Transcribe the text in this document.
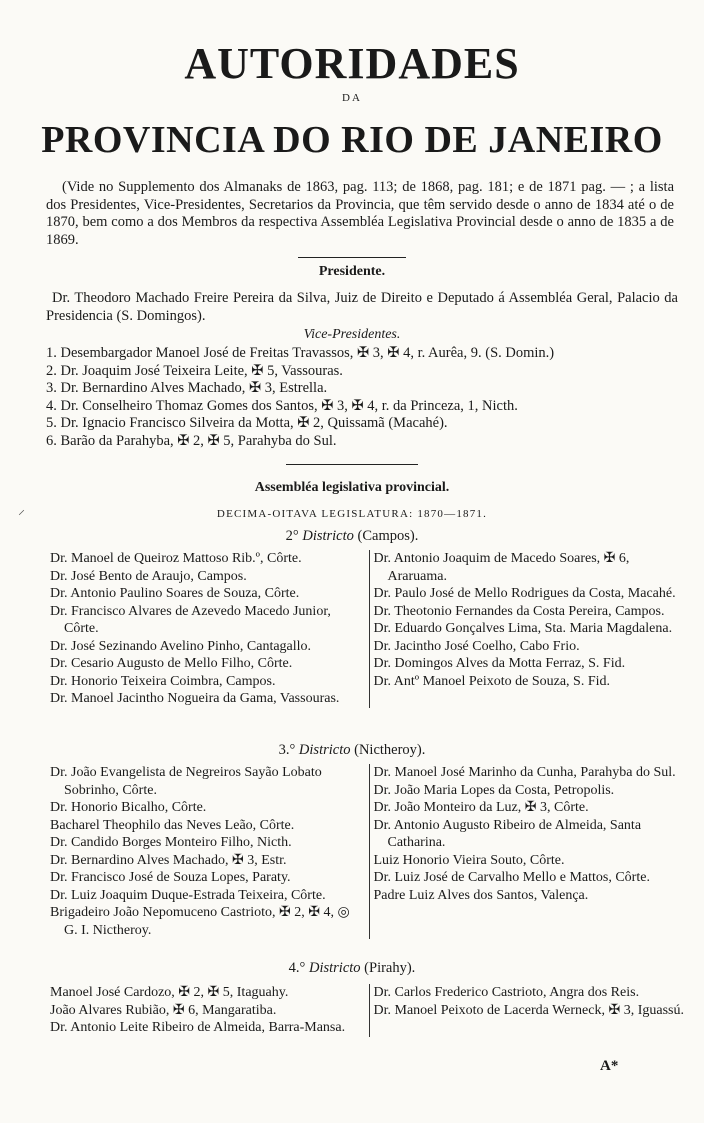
AUTORIDADES
DA
PROVINCIA DO RIO DE JANEIRO

(Vide no Supplemento dos Almanaks de 1863, pag. 113; de 1868, pag. 181; e de 1871 pag. — ; a lista dos Presidentes, Vice-Presidentes, Secretarios da Provincia, que têm servido desde o anno de 1834 até o de 1870, bem como a dos Membros da respectiva Assembléa Legislativa Provincial desde o anno de 1835 a de 1869.

Presidente.

Dr. Theodoro Machado Freire Pereira da Silva, Juiz de Direito e Deputado á Assembléa Geral, Palacio da Presidencia (S. Domingos).

Vice-Presidentes.
1. Desembargador Manoel José de Freitas Travassos, ✠ 3, ✠ 4, r. Aurêa, 9. (S. Domin.)
2. Dr. Joaquim José Teixeira Leite, ✠ 5, Vassouras.
3. Dr. Bernardino Alves Machado, ✠ 3, Estrella.
4. Dr. Conselheiro Thomaz Gomes dos Santos, ✠ 3, ✠ 4, r. da Princeza, 1, Nicth.
5. Dr. Ignacio Francisco Silveira da Motta, ✠ 2, Quissamã (Macahé).
6. Barão da Parahyba, ✠ 2, ✠ 5, Parahyba do Sul.
Assembléa legislativa provincial.
DECIMA-OITAVA LEGISLATURA: 1870—1871.
⸝
2° Districto (Campos).
Dr. Manoel de Queiroz Mattoso Rib.º, Côrte.
Dr. José Bento de Araujo, Campos.
Dr. Antonio Paulino Soares de Souza, Côrte.
Dr. Francisco Alvares de Azevedo Macedo Junior, Côrte.
Dr. José Sezinando Avelino Pinho, Cantagallo.
Dr. Cesario Augusto de Mello Filho, Côrte.
Dr. Honorio Teixeira Coimbra, Campos.
Dr. Manoel Jacintho Nogueira da Gama, Vassouras.
Dr. Antonio Joaquim de Macedo Soares, ✠ 6, Araruama.
Dr. Paulo José de Mello Rodrigues da Costa, Macahé.
Dr. Theotonio Fernandes da Costa Pereira, Campos.
Dr. Eduardo Gonçalves Lima, Sta. Maria Magdalena.
Dr. Jacintho José Coelho, Cabo Frio.
Dr. Domingos Alves da Motta Ferraz, S. Fid.
Dr. Antº Manoel Peixoto de Souza, S. Fid.
3.° Districto (Nictheroy).
Dr. João Evangelista de Negreiros Sayão Lobato Sobrinho, Côrte.
Dr. Honorio Bicalho, Côrte.
Bacharel Theophilo das Neves Leão, Côrte.
Dr. Candido Borges Monteiro Filho, Nicth.
Dr. Bernardino Alves Machado, ✠ 3, Estr.
Dr. Francisco José de Souza Lopes, Paraty.
Dr. Luiz Joaquim Duque-Estrada Teixeira, Côrte.
Brigadeiro João Nepomuceno Castrioto, ✠ 2, ✠ 4, ◎ G. I. Nictheroy.
Dr. Manoel José Marinho da Cunha, Parahyba do Sul.
Dr. João Maria Lopes da Costa, Petropolis.
Dr. João Monteiro da Luz, ✠ 3, Côrte.
Dr. Antonio Augusto Ribeiro de Almeida, Santa Catharina.
Luiz Honorio Vieira Souto, Côrte.
Dr. Luiz José de Carvalho Mello e Mattos, Côrte.
Padre Luiz Alves dos Santos, Valença.
4.° Districto (Pirahy).
Manoel José Cardozo, ✠ 2, ✠ 5, Itaguahy.
João Alvares Rubião, ✠ 6, Mangaratiba.
Dr. Antonio Leite Ribeiro de Almeida, Barra-Mansa.
Dr. Carlos Frederico Castrioto, Angra dos Reis.
Dr. Manoel Peixoto de Lacerda Werneck, ✠ 3, Iguassú.
A*
